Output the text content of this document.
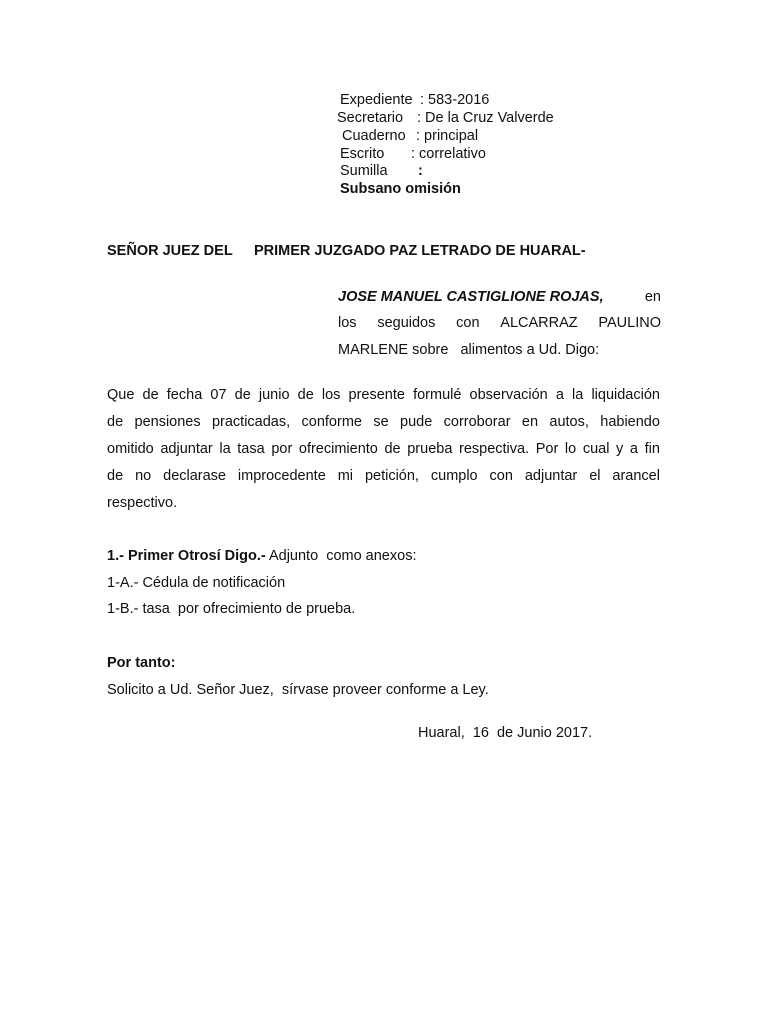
Expediente : 583-2016
Secretario : De la Cruz Valverde
Cuaderno : principal
Escrito : correlativo
Sumilla :
Subsano omisión
SEÑOR JUEZ DEL PRIMER JUZGADO PAZ LETRADO DE HUARAL-
JOSE MANUEL CASTIGLIONE ROJAS,	en
los seguidos con ALCARRAZ PAULINO
MARLENE sobre   alimentos a Ud. Digo:
Que de fecha 07 de junio de los presente formulé observación a la liquidación
de pensiones practicadas, conforme se pude corroborar en autos, habiendo
omitido adjuntar la tasa por ofrecimiento de prueba respectiva. Por lo cual y a fin
de no declarase improcedente mi petición, cumplo con adjuntar el arancel
respectivo.
1.- Primer Otrosí Digo.- Adjunto  como anexos:
1-A.- Cédula de notificación
1-B.- tasa  por ofrecimiento de prueba.
Por tanto:
Solicito a Ud. Señor Juez,  sírvase proveer conforme a Ley.
Huaral,  16  de Junio 2017.
